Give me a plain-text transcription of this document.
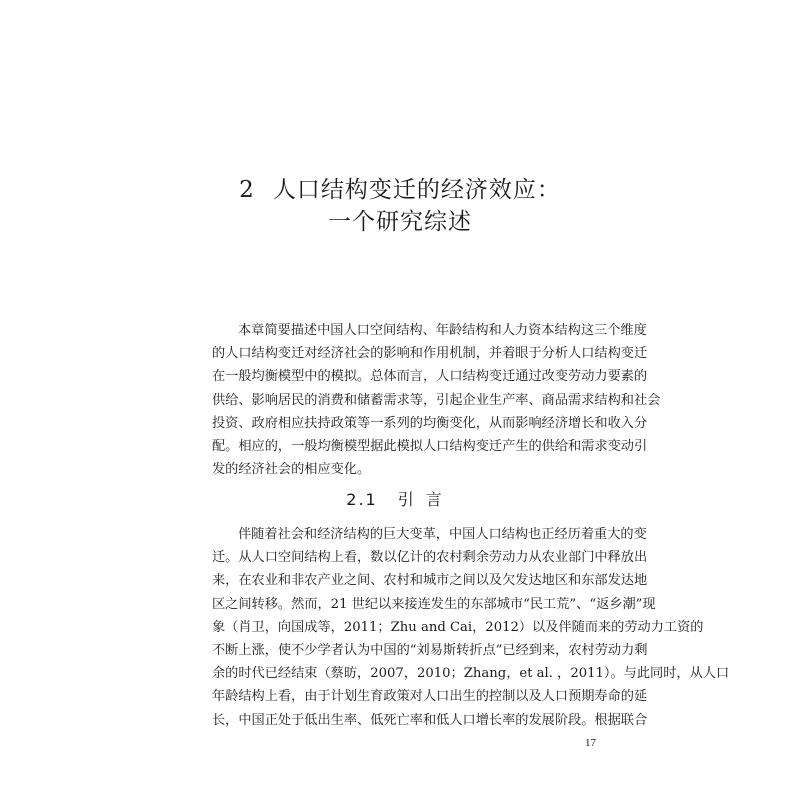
2 人口结构变迁的经济效应：
一个研究综述
本章简要描述中国人口空间结构、年龄结构和人力资本结构这三个维度
的人口结构变迁对经济社会的影响和作用机制，并着眼于分析人口结构变迁
在一般均衡模型中的模拟。总体而言，人口结构变迁通过改变劳动力要素的
供给、影响居民的消费和储蓄需求等，引起企业生产率、商品需求结构和社会
投资、政府相应扶持政策等一系列的均衡变化，从而影响经济增长和收入分
配。相应的，一般均衡模型据此模拟人口结构变迁产生的供给和需求变动引
发的经济社会的相应变化。
2.1 引言
伴随着社会和经济结构的巨大变革，中国人口结构也正经历着重大的变
迁。从人口空间结构上看，数以亿计的农村剩余劳动力从农业部门中释放出
来，在农业和非农产业之间、农村和城市之间以及欠发达地区和东部发达地
区之间转移。然而，21 世纪以来接连发生的东部城市“民工荒”、“返乡潮”现
象（肖卫，向国成等，2011；Zhu and Cai，2012）以及伴随而来的劳动力工资的
不断上涨，使不少学者认为中国的“刘易斯转折点”已经到来，农村劳动力剩
余的时代已经结束（蔡昉，2007，2010；Zhang，et al. ，2011）。与此同时，从人口
年龄结构上看，由于计划生育政策对人口出生的控制以及人口预期寿命的延
长，中国正处于低出生率、低死亡率和低人口增长率的发展阶段。根据联合
17
